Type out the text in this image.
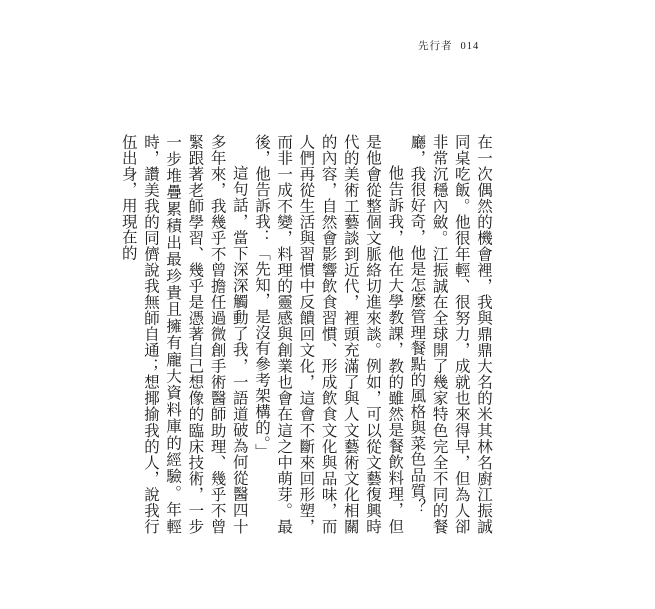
先行者 014

在一次偶然的機會裡，我與鼎鼎大名的米其林名廚江振誠同桌吃飯。他很年輕、很努力，成就也來得早，但為人卻非常沉穩內斂。江振誠在全球開了幾家特色完全不同的餐廳，我很好奇，他是怎麼管理餐點的風格與菜色品質？

他告訴我，他在大學教課，教的雖然是餐飲料理，但是他會從整個文脈絡切進來談。例如，可以從文藝復興時代的美術工藝談到近代，裡頭充滿了與人文藝術文化相關的內容，自然會影響飲食習慣、形成飲食文化與品味，而人們再從生活與習慣中反饋回文化，這會不斷來回形塑，而非一成不變，料理的靈感與創業也會在這之中萌芽。最後，他告訴我：「先知，是沒有參考架構的。」

這句話，當下深深觸動了我，一語道破為何從醫四十多年來，我幾乎不曾擔任過微創手術醫師助理、幾乎不曾緊跟著老師學習、幾乎是憑著自己想像的臨床技術，一步一步堆疊累積出最珍貴且擁有龐大資料庫的經驗。年輕時，讚美我的同儕說我無師自通；想揶揄我的人，說我行伍出身，用現在的
